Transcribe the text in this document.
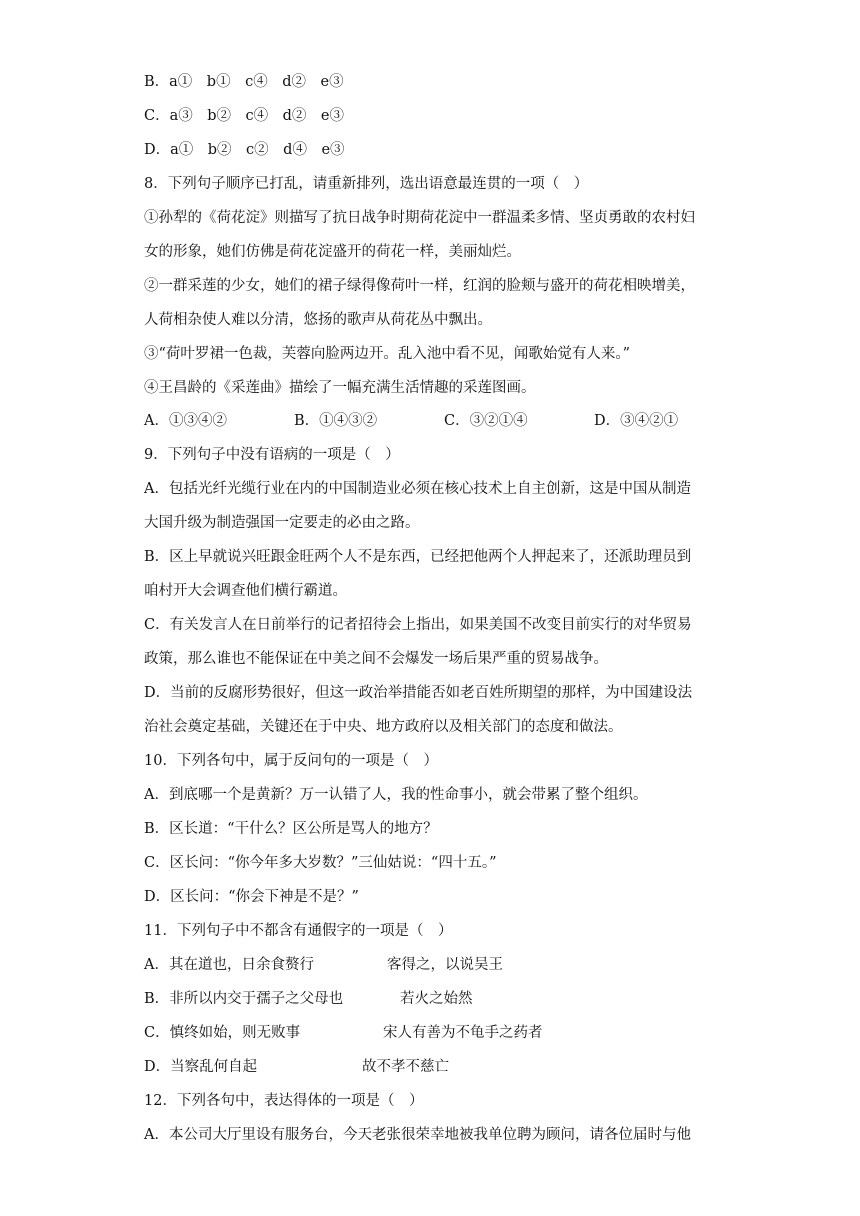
B．a①　b①　c④　d②　e③
C．a③　b②　c④　d②　e③
D．a①　b②　c②　d④　e③
8．下列句子顺序已打乱，请重新排列，选出语意最连贯的一项（　）
①孙犁的《荷花淀》则描写了抗日战争时期荷花淀中一群温柔多情、坚贞勇敢的农村妇
女的形象，她们仿佛是荷花淀盛开的荷花一样，美丽灿烂。
②一群采莲的少女，她们的裙子绿得像荷叶一样，红润的脸颊与盛开的荷花相映增美，
人荷相杂使人难以分清，悠扬的歌声从荷花丛中飘出。
③“荷叶罗裙一色裁，芙蓉向脸两边开。乱入池中看不见，闻歌始觉有人来。”
④王昌龄的《采莲曲》描绘了一幅充满生活情趣的采莲图画。
A．①③④②	B．①④③②	C．③②①④	D．③④②①
9．下列句子中没有语病的一项是（　）
A．包括光纤光缆行业在内的中国制造业必须在核心技术上自主创新，这是中国从制造
大国升级为制造强国一定要走的必由之路。
B．区上早就说兴旺跟金旺两个人不是东西，已经把他两个人押起来了，还派助理员到
咱村开大会调查他们横行霸道。
C．有关发言人在日前举行的记者招待会上指出，如果美国不改变目前实行的对华贸易
政策，那么谁也不能保证在中美之间不会爆发一场后果严重的贸易战争。
D．当前的反腐形势很好，但这一政治举措能否如老百姓所期望的那样，为中国建设法
治社会奠定基础，关键还在于中央、地方政府以及相关部门的态度和做法。
10．下列各句中，属于反问句的一项是（　）
A．到底哪一个是黄新？万一认错了人，我的性命事小，就会带累了整个组织。
B．区长道：“干什么？区公所是骂人的地方？
C．区长问：“你今年多大岁数？”三仙姑说：“四十五。”
D．区长问：“你会下神是不是？”
11．下列句子中不都含有通假字的一项是（　）
A．其在道也，日余食赘行	客得之，以说吴王
B．非所以内交于孺子之父母也	若火之始然
C．慎终如始，则无败事	宋人有善为不龟手之药者
D．当察乱何自起	故不孝不慈亡
12．下列各句中，表达得体的一项是（　）
A．本公司大厅里设有服务台，今天老张很荣幸地被我单位聘为顾问，请各位届时与他
